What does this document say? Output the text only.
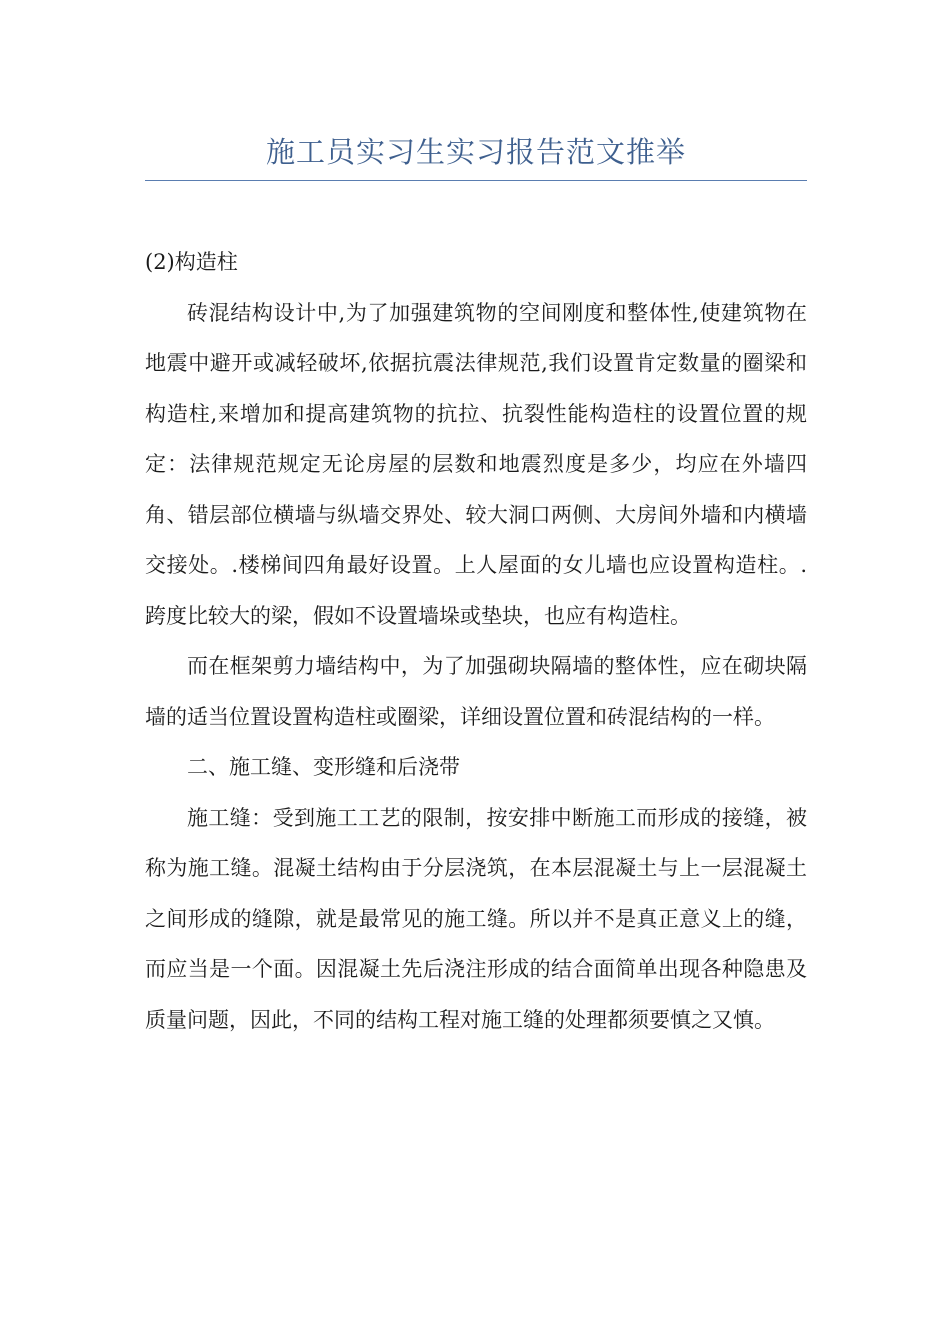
施工员实习生实习报告范文推举

(2)构造柱

砖混结构设计中,为了加强建筑物的空间刚度和整体性,使建筑物在地震中避开或减轻破坏,依据抗震法律规范,我们设置肯定数量的圈梁和构造柱,来增加和提高建筑物的抗拉、抗裂性能构造柱的设置位置的规定：法律规范规定无论房屋的层数和地震烈度是多少，均应在外墙四角、错层部位横墙与纵墙交界处、较大洞口两侧、大房间外墙和内横墙交接处。.楼梯间四角最好设置。上人屋面的女儿墙也应设置构造柱。.跨度比较大的梁，假如不设置墙垛或垫块，也应有构造柱。

而在框架剪力墙结构中，为了加强砌块隔墙的整体性，应在砌块隔墙的适当位置设置构造柱或圈梁，详细设置位置和砖混结构的一样。

二、施工缝、变形缝和后浇带

施工缝：受到施工工艺的限制，按安排中断施工而形成的接缝，被称为施工缝。混凝土结构由于分层浇筑，在本层混凝土与上一层混凝土之间形成的缝隙，就是最常见的施工缝。所以并不是真正意义上的缝，而应当是一个面。因混凝土先后浇注形成的结合面简单出现各种隐患及质量问题，因此，不同的结构工程对施工缝的处理都须要慎之又慎。
